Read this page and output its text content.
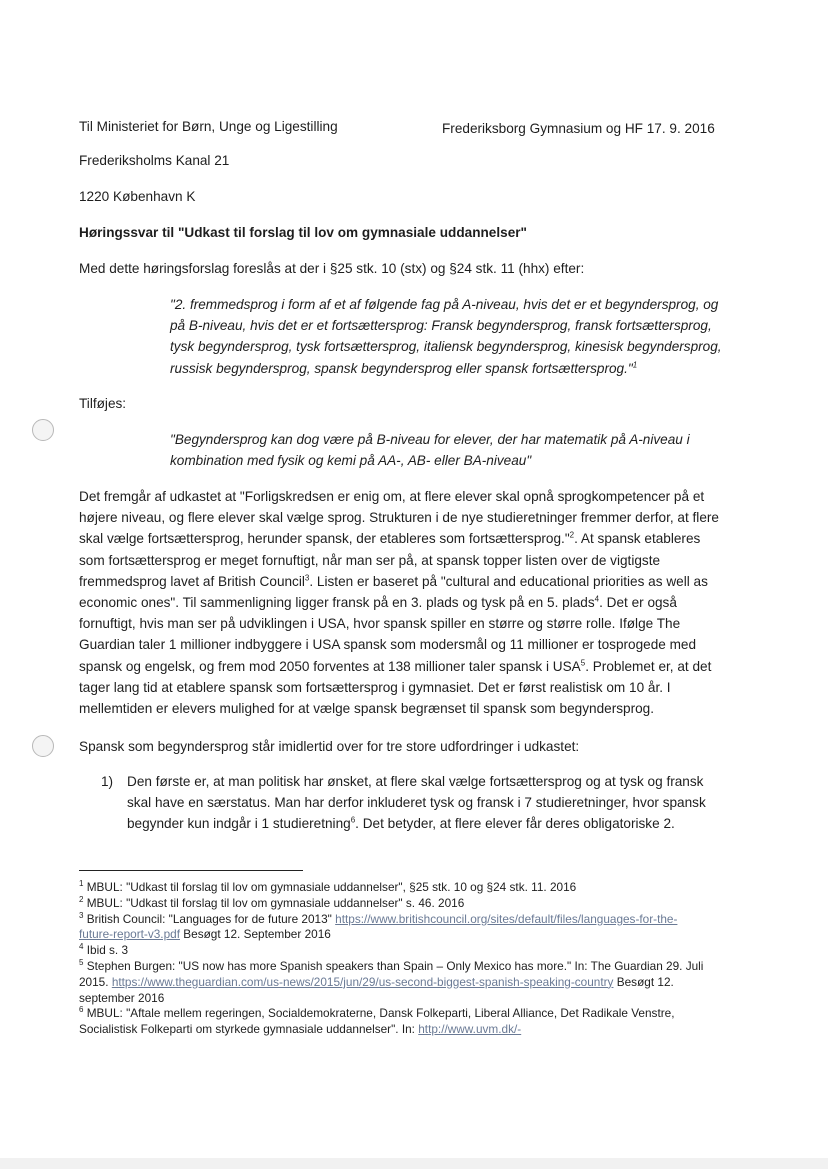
Til Ministeriet for Børn, Unge og Ligestilling	Frederiksborg Gymnasium og HF 17. 9. 2016

Frederiksholms Kanal 21

1220 København K

Høringssvar til "Udkast til forslag til lov om gymnasiale uddannelser"

Med dette høringsforslag foreslås at der i §25 stk. 10 (stx) og §24 stk. 11 (hhx) efter:

"2. fremmedsprog i form af et af følgende fag på A-niveau, hvis det er et begyndersprog, og
på B-niveau, hvis det er et fortsættersprog: Fransk begyndersprog, fransk fortsættersprog,
tysk begyndersprog, tysk fortsættersprog, italiensk begyndersprog, kinesisk begyndersprog,
russisk begyndersprog, spansk begyndersprog eller spansk fortsættersprog."$^1$

Tilføjes:

"Begyndersprog kan dog være på B-niveau for elever, der har matematik på A-niveau i
kombination med fysik og kemi på AA-, AB- eller BA-niveau"
Det fremgår af udkastet at "Forligskredsen er enig om, at flere elever skal opnå sprogkompetencer på et
højere niveau, og flere elever skal vælge sprog. Strukturen i de nye studieretninger fremmer derfor, at flere
skal vælge fortsættersprog, herunder spansk, der etableres som fortsættersprog."$^2$. At spansk etableres
som fortsættersprog er meget fornuftigt, når man ser på, at spansk topper listen over de vigtigste
fremmedsprog lavet af British Council$^3$. Listen er baseret på "cultural and educational priorities as well as
economic ones". Til sammenligning ligger fransk på en 3. plads og tysk på en 5. plads$^4$. Det er også
fornuftigt, hvis man ser på udviklingen i USA, hvor spansk spiller en større og større rolle. Ifølge The
Guardian taler 1 millioner indbyggere i USA spansk som modersmål og 11 millioner er tosprogede med
spansk og engelsk, og frem mod 2050 forventes at 138 millioner taler spansk i USA$^5$. Problemet er, at det
tager lang tid at etablere spansk som fortsættersprog i gymnasiet. Det er først realistisk om 10 år. I
mellemtiden er elevers mulighed for at vælge spansk begrænset til spansk som begyndersprog.

Spansk som begyndersprog står imidlertid over for tre store udfordringer i udkastet:

1) Den første er, at man politisk har ønsket, at flere skal vælge fortsættersprog og at tysk og fransk
skal have en særstatus. Man har derfor inkluderet tysk og fransk i 7 studieretninger, hvor spansk
begynder kun indgår i 1 studieretning$^6$. Det betyder, at flere elever får deres obligatoriske 2.
$^1$ MBUL: "Udkast til forslag til lov om gymnasiale uddannelser", §25 stk. 10 og §24 stk. 11. 2016
$^2$ MBUL: "Udkast til forslag til lov om gymnasiale uddannelser" s. 46. 2016
$^3$ British Council: "Languages for de future 2013" https://www.britishcouncil.org/sites/default/files/languages-for-the-
future-report-v3.pdf Besøgt 12. September 2016
$^4$ Ibid s. 3
$^5$ Stephen Burgen: "US now has more Spanish speakers than Spain – Only Mexico has more." In: The Guardian 29. Juli
2015. https://www.theguardian.com/us-news/2015/jun/29/us-second-biggest-spanish-speaking-country Besøgt 12.
september 2016
$^6$ MBUL: "Aftale mellem regeringen, Socialdemokraterne, Dansk Folkeparti, Liberal Alliance, Det Radikale Venstre,
Socialistisk Folkeparti om styrkede gymnasiale uddannelser". In: http://www.uvm.dk/-
